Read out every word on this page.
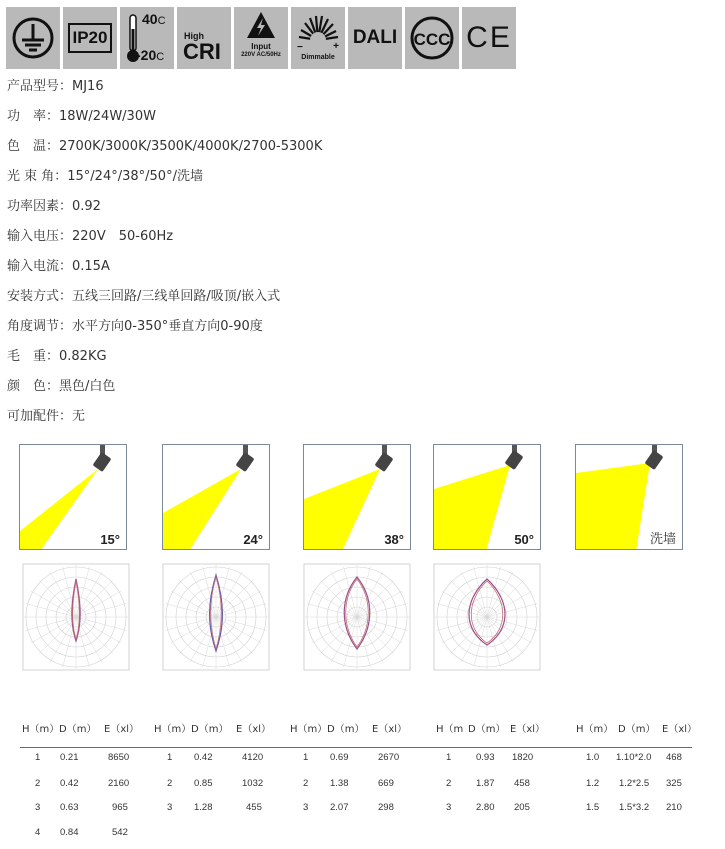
IP20
40C
-20C
High
CRI	Input
220V AC/50Hz
−	+
Dimmable
DALI CCC CE
产品型号：MJ16
功　率：18W/24W/30W
色　温：2700K/3000K/3500K/4000K/2700-5300K
光 束 角：15°/24°/38°/50°/洗墙
功率因素：0.92
输入电压：220V　50-60Hz
输入电流：0.15A
安装方式：五线三回路/三线单回路/吸顶/嵌入式
角度调节：水平方向0-350°垂直方向0-90度
毛　重：0.82KG
颜　色：黑色/白色
可加配件：无
15°	24°	38°	50°	洗墙
H（m） D（m） E（xl）
1 0.21	8650
2 0.42	2160
3 0.63	965
4 0.84	542
H（m） D（m） E（xl）
1 0.42	4120
2 0.85	1032
3 1.28	455
H（m） D（m） E（xl）
1 0.69	2670
2 1.38	669
3 2.07	298
H（m D（m） E（xl）
1	0.93 1820
2	1.87 458
3	2.80 205
H（m） D（m） E（xl）
1.0 1.10*2.0 468
1.2 1.2*2.5 325
1.5 1.5*3.2 210
